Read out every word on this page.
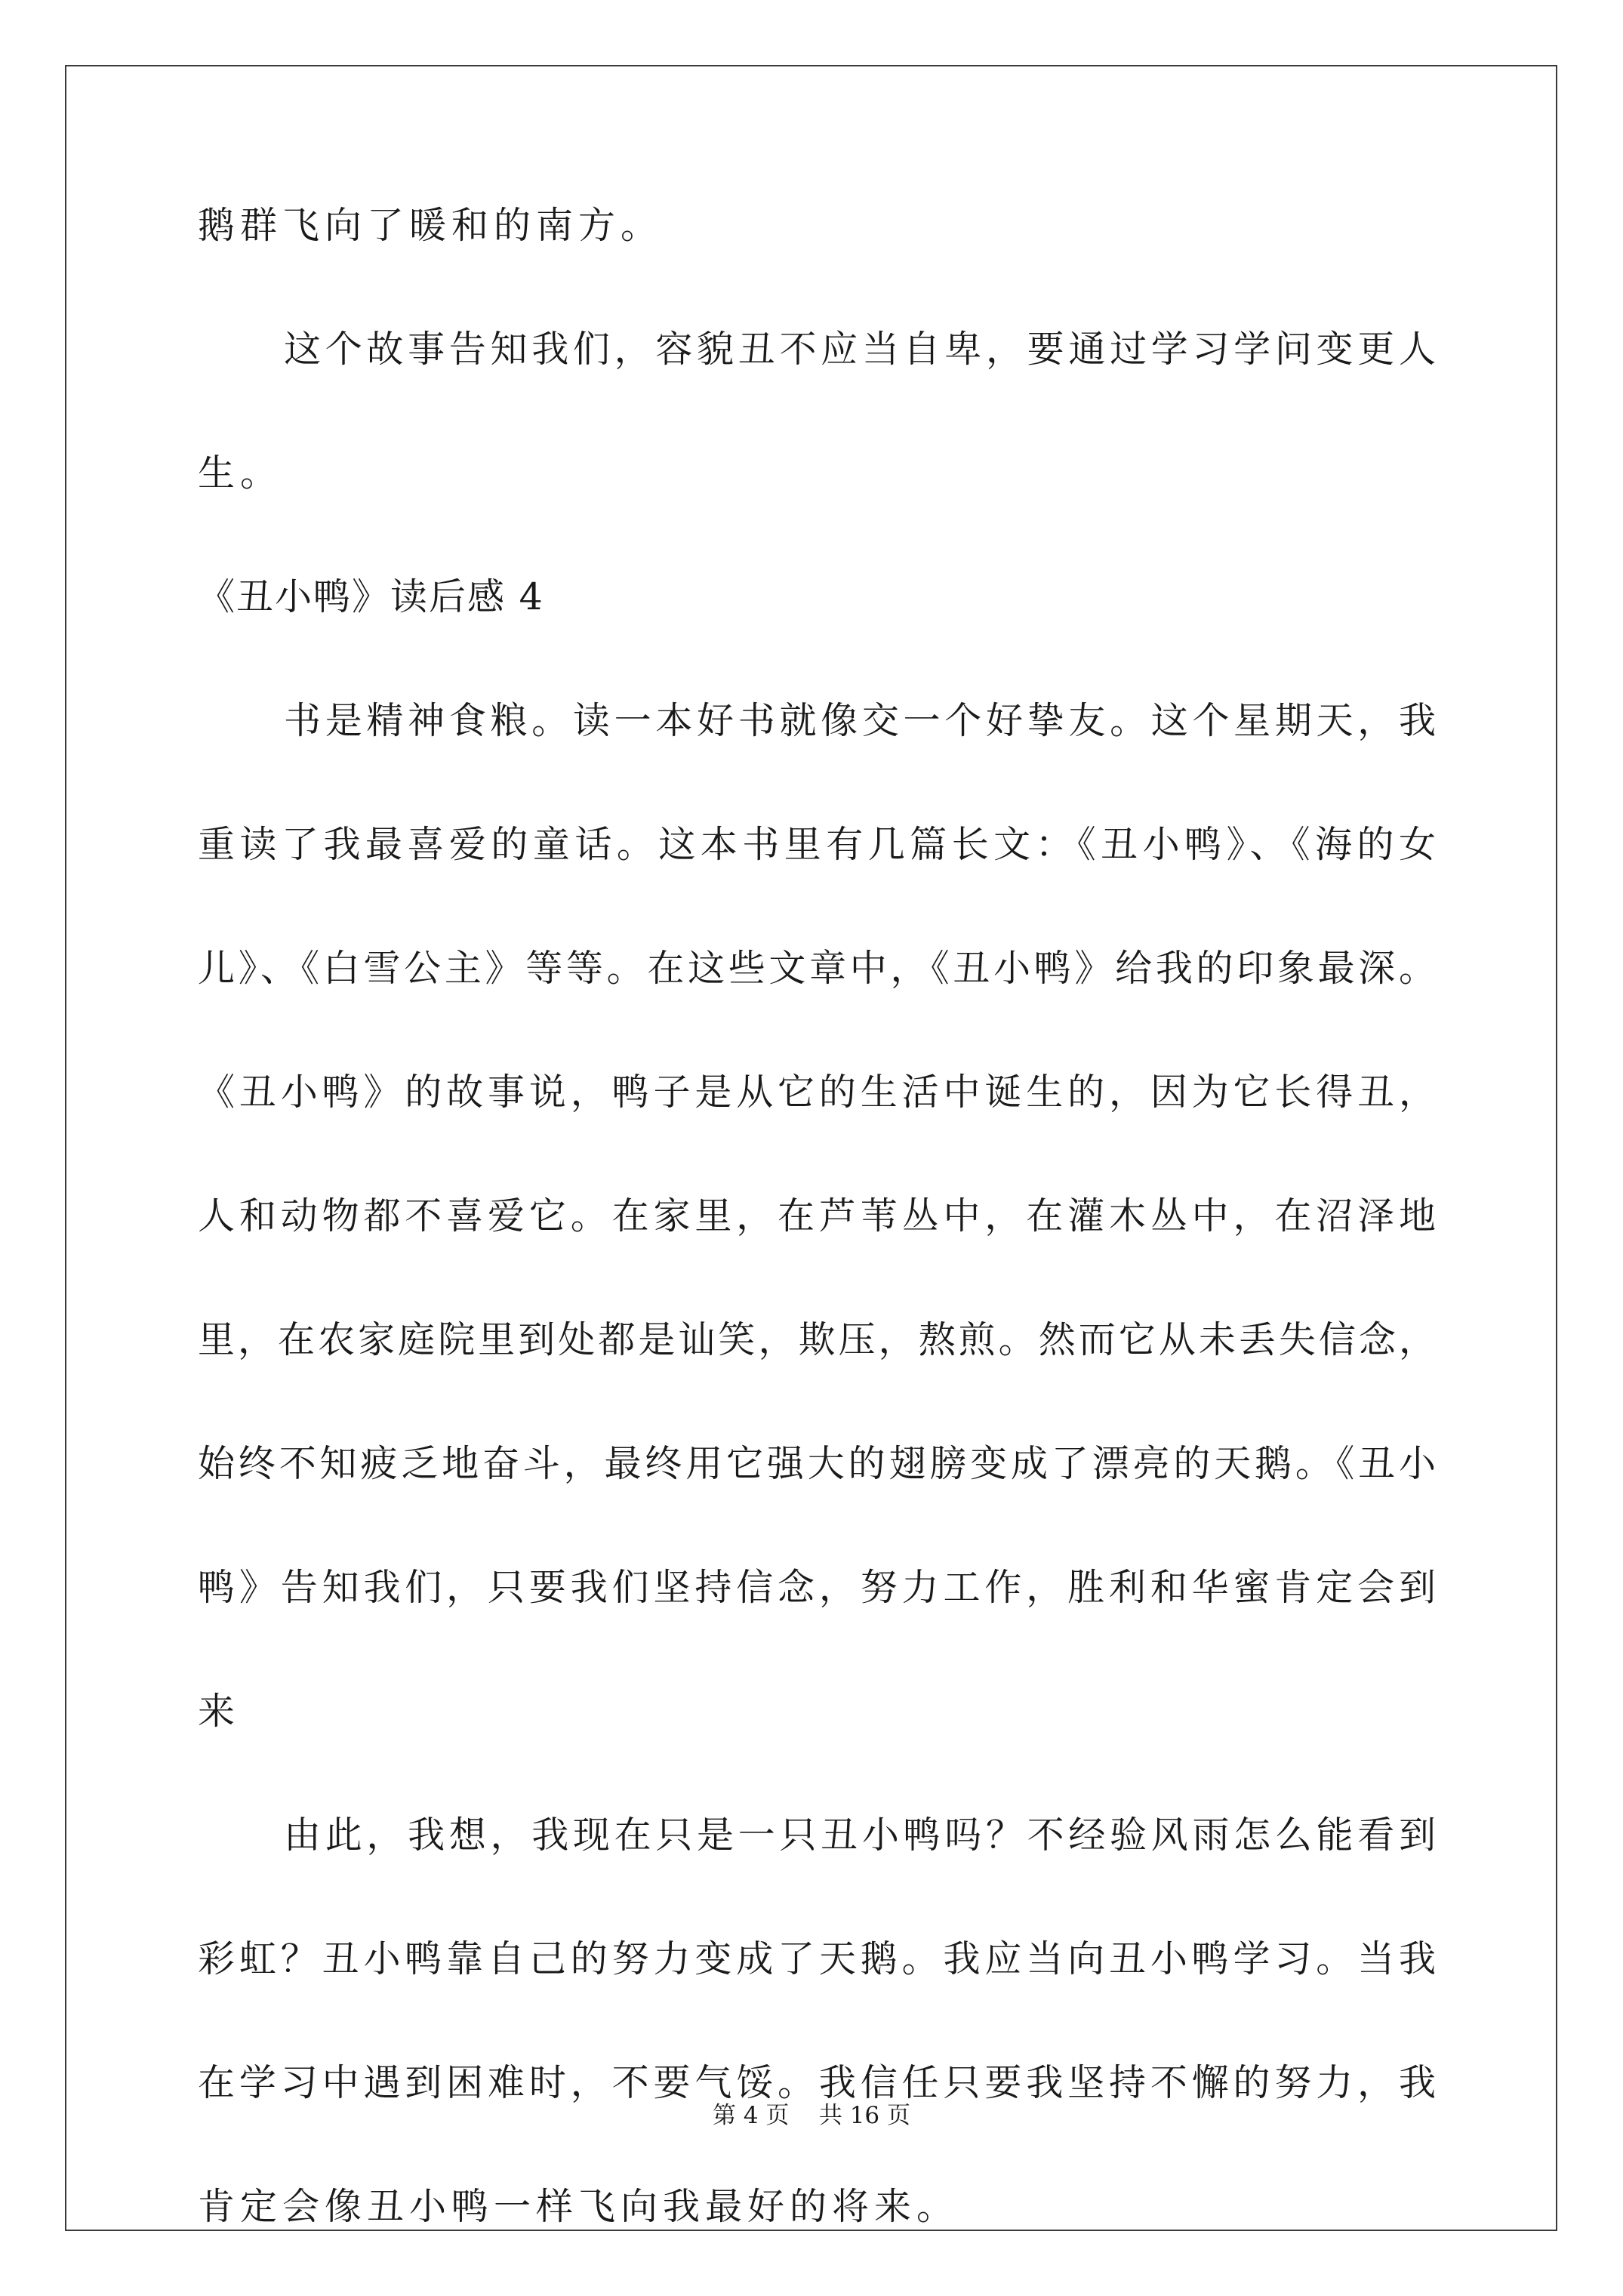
鹅群飞向了暖和的南方。

这个故事告知我们，容貌丑不应当自卑，要通过学习学问变更人

生。

《丑小鸭》读后感 4

书是精神食粮。读一本好书就像交一个好挚友。这个星期天，我

重读了我最喜爱的童话。这本书里有几篇长文：《丑小鸭》、《海的女

儿》、《白雪公主》等等。在这些文章中，《丑小鸭》给我的印象最深。

《丑小鸭》的故事说，鸭子是从它的生活中诞生的，因为它长得丑，

人和动物都不喜爱它。在家里，在芦苇丛中，在灌木丛中，在沼泽地

里，在农家庭院里到处都是讪笑，欺压，熬煎。然而它从未丢失信念，

始终不知疲乏地奋斗，最终用它强大的翅膀变成了漂亮的天鹅。《丑小

鸭》告知我们，只要我们坚持信念，努力工作，胜利和华蜜肯定会到

来

由此，我想，我现在只是一只丑小鸭吗？不经验风雨怎么能看到

彩虹？丑小鸭靠自己的努力变成了天鹅。我应当向丑小鸭学习。当我

在学习中遇到困难时，不要气馁。我信任只要我坚持不懈的努力，我

肯定会像丑小鸭一样飞向我最好的将来。

第 4 页 共 16 页
